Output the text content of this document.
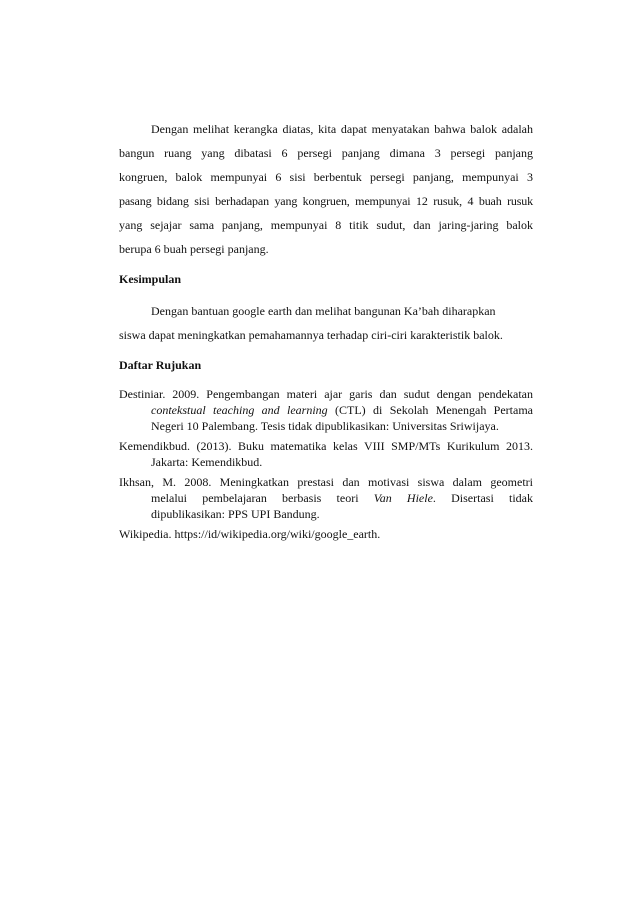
Dengan melihat kerangka diatas, kita dapat menyatakan bahwa balok adalah
bangun ruang yang dibatasi 6 persegi panjang dimana 3 persegi panjang
kongruen, balok mempunyai 6 sisi berbentuk persegi panjang, mempunyai 3
pasang bidang sisi berhadapan yang kongruen, mempunyai 12 rusuk, 4 buah rusuk
yang sejajar sama panjang, mempunyai 8 titik sudut, dan jaring-jaring balok
berupa 6 buah persegi panjang.
Kesimpulan
Dengan bantuan google earth dan melihat bangunan Ka’bah diharapkan
siswa dapat meningkatkan pemahamannya terhadap ciri-ciri karakteristik balok.
Daftar Rujukan
Destiniar. 2009. Pengembangan materi ajar garis dan sudut dengan pendekatan
contekstual teaching and learning (CTL) di Sekolah Menengah Pertama
Negeri 10 Palembang. Tesis tidak dipublikasikan: Universitas Sriwijaya.
Kemendikbud. (2013). Buku matematika kelas VIII SMP/MTs Kurikulum 2013.
Jakarta: Kemendikbud.
Ikhsan, M. 2008. Meningkatkan prestasi dan motivasi siswa dalam geometri
melalui pembelajaran berbasis teori Van Hiele. Disertasi tidak
dipublikasikan: PPS UPI Bandung.
Wikipedia. https://id/wikipedia.org/wiki/google_earth.
